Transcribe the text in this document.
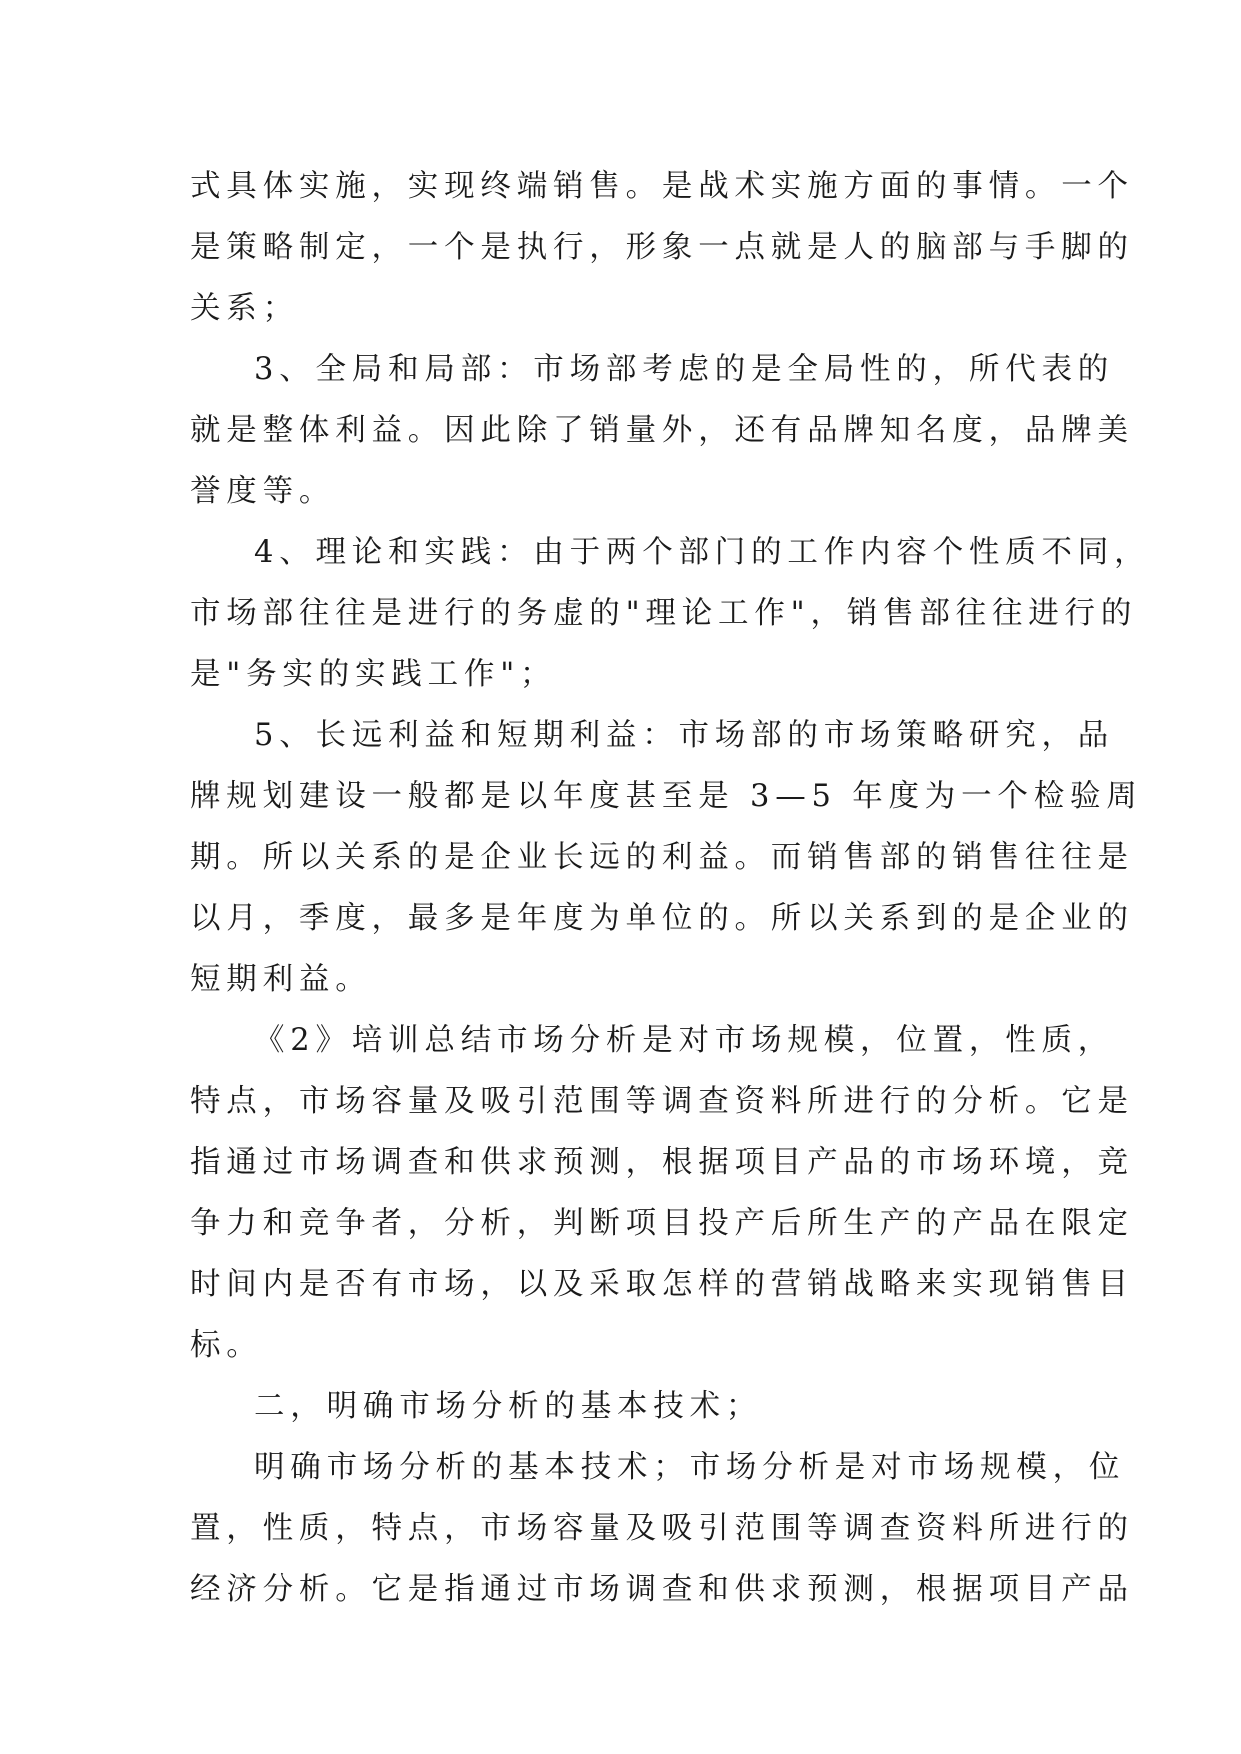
式具体实施，实现终端销售。是战术实施方面的事情。一个
是策略制定，一个是执行，形象一点就是人的脑部与手脚的
关系；
3、全局和局部：市场部考虑的是全局性的，所代表的
就是整体利益。因此除了销量外，还有品牌知名度，品牌美
誉度等。
4、理论和实践：由于两个部门的工作内容个性质不同，
市场部往往是进行的务虚的"理论工作"，销售部往往进行的
是"务实的实践工作"；
5、长远利益和短期利益：市场部的市场策略研究，品
牌规划建设一般都是以年度甚至是 3—5 年度为一个检验周
期。所以关系的是企业长远的利益。而销售部的销售往往是
以月，季度，最多是年度为单位的。所以关系到的是企业的
短期利益。
《2》培训总结市场分析是对市场规模，位置，性质，
特点，市场容量及吸引范围等调查资料所进行的分析。它是
指通过市场调查和供求预测，根据项目产品的市场环境，竞
争力和竞争者，分析，判断项目投产后所生产的产品在限定
时间内是否有市场，以及采取怎样的营销战略来实现销售目
标。
二，明确市场分析的基本技术；
明确市场分析的基本技术；市场分析是对市场规模，位
置，性质，特点，市场容量及吸引范围等调查资料所进行的
经济分析。它是指通过市场调查和供求预测，根据项目产品
